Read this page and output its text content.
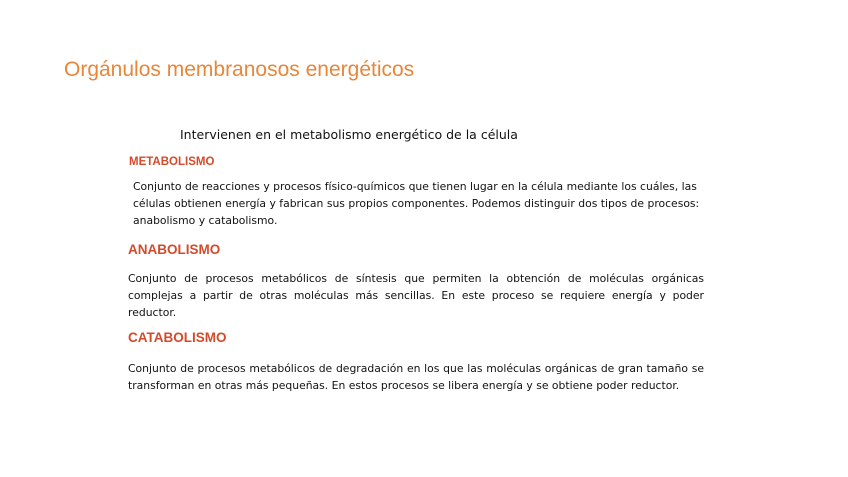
Orgánulos membranosos energéticos
Intervienen en el metabolismo energético de la célula
METABOLISMO
Conjunto de reacciones y procesos físico-químicos que tienen lugar en la célula mediante los cuáles, las células obtienen energía y fabrican sus propios componentes. Podemos distinguir dos tipos de procesos: anabolismo y catabolismo.
ANABOLISMO
Conjunto de procesos metabólicos de síntesis que permiten la obtención de moléculas orgánicas complejas a partir de otras moléculas más sencillas. En este proceso se requiere energía y poder reductor.
CATABOLISMO
Conjunto de procesos metabólicos de degradación en los que las moléculas orgánicas de gran tamaño se transforman en otras más pequeñas. En estos procesos se libera energía y se obtiene poder reductor.
